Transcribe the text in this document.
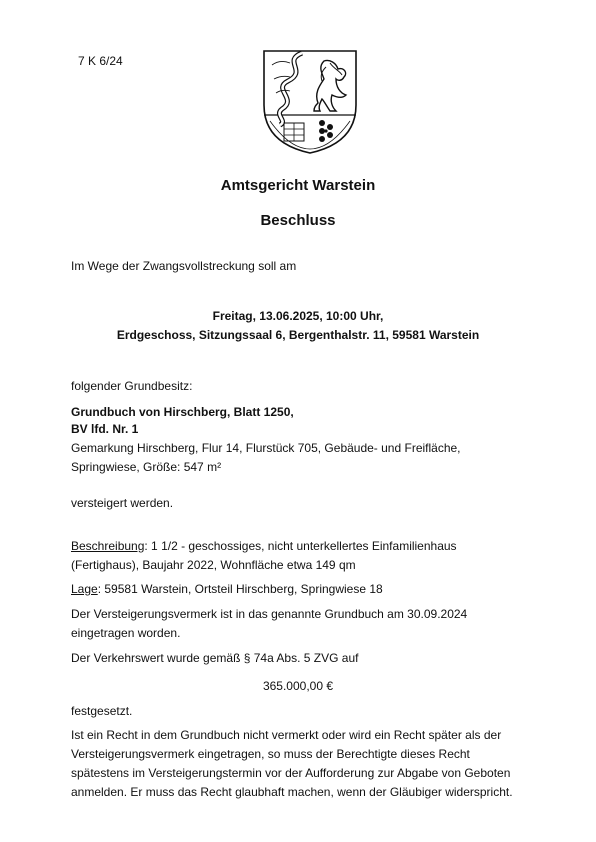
7 K 6/24
Amtsgericht Warstein
Beschluss
Im Wege der Zwangsvollstreckung soll am
Freitag, 13.06.2025, 10:00 Uhr,
Erdgeschoss, Sitzungssaal 6, Bergenthalstr. 11, 59581 Warstein
folgender Grundbesitz:
Grundbuch von Hirschberg, Blatt 1250,
BV lfd. Nr. 1
Gemarkung Hirschberg, Flur 14, Flurstück 705, Gebäude- und Freifläche,
Springwiese, Größe: 547 m²
versteigert werden.
Beschreibung: 1 1/2 - geschossiges, nicht unterkellertes Einfamilienhaus
(Fertighaus), Baujahr 2022, Wohnfläche etwa 149 qm
Lage: 59581 Warstein, Ortsteil Hirschberg, Springwiese 18
Der Versteigerungsvermerk ist in das genannte Grundbuch am 30.09.2024
eingetragen worden.
Der Verkehrswert wurde gemäß § 74a Abs. 5 ZVG auf
365.000,00 €
festgesetzt.
Ist ein Recht in dem Grundbuch nicht vermerkt oder wird ein Recht später als der
Versteigerungsvermerk eingetragen, so muss der Berechtigte dieses Recht
spätestens im Versteigerungstermin vor der Aufforderung zur Abgabe von Geboten
anmelden. Er muss das Recht glaubhaft machen, wenn der Gläubiger widerspricht.
